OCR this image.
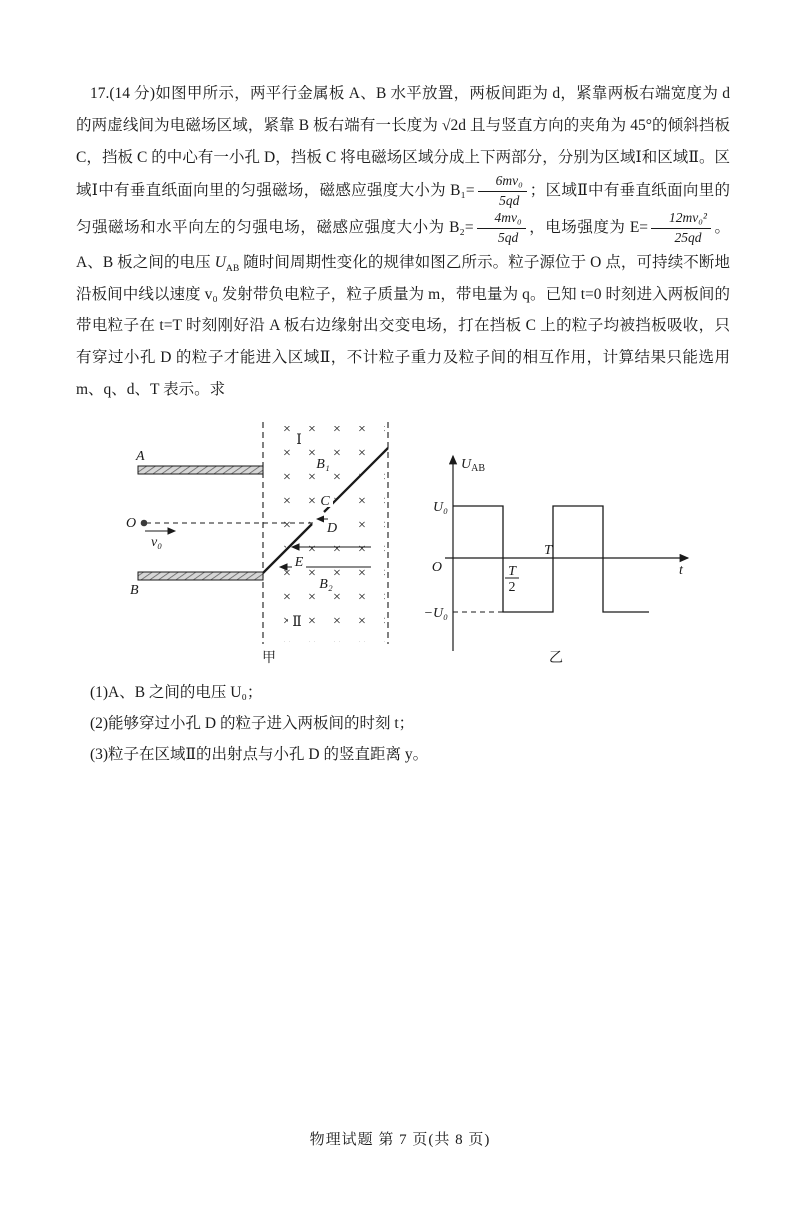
17.(14 分)如图甲所示，两平行金属板 A、B 水平放置，两板间距为 d，紧靠两板右端宽度为 d 的两虚线间为电磁场区域，紧靠 B 板右端有一长度为 √2d 且与竖直方向的夹角为 45°的倾斜挡板 C，挡板 C 的中心有一小孔 D，挡板 C 将电磁场区域分成上下两部分，分别为区域Ⅰ和区域Ⅱ。区域Ⅰ中有垂直纸面向里的匀强磁场，磁感应强度大小为 $B_1= \frac{\text{6mv₀}}{5qd}$ ；区域Ⅱ中有垂直纸面向里的匀强磁场和水平向左的匀强电场，磁感应强度大小为 $B_2= \frac{\text{4mv₀}}{5qd}$ ，电场强度为 $E= \frac{\text{12mv₀²}}{25qd}$ 。A、B 板之间的电压 $U_{AB}$ 随时间周期性变化的规律如图乙所示。粒子源位于 O 点，可持续不断地沿板间中线以速度 v₀ 发射带负电粒子，粒子质量为 m，带电量为 q。已知 t=0 时刻进入两板间的带电粒子在 t=T 时刻刚好沿 A 板右边缘射出交变电场，打在挡板 C 上的粒子均被挡板吸收，只有穿过小孔 D 的粒子才能进入区域Ⅱ，不计粒子重力及粒子间的相互作用，计算结果只能选用 m、q、d、T 表示。求

A
B
O
v₀
Ⅰ
B₁
C
D
E
B₂
Ⅱ
甲
$U_{AB}$
O
U₀
−U₀
T
2
T
t
乙

(1)A、B 之间的电压 U₀；

(2)能够穿过小孔 D 的粒子进入两板间的时刻 t；

(3)粒子在区域Ⅱ的出射点与小孔 D 的竖直距离 y。

物理试题 第 7 页(共 8 页)
